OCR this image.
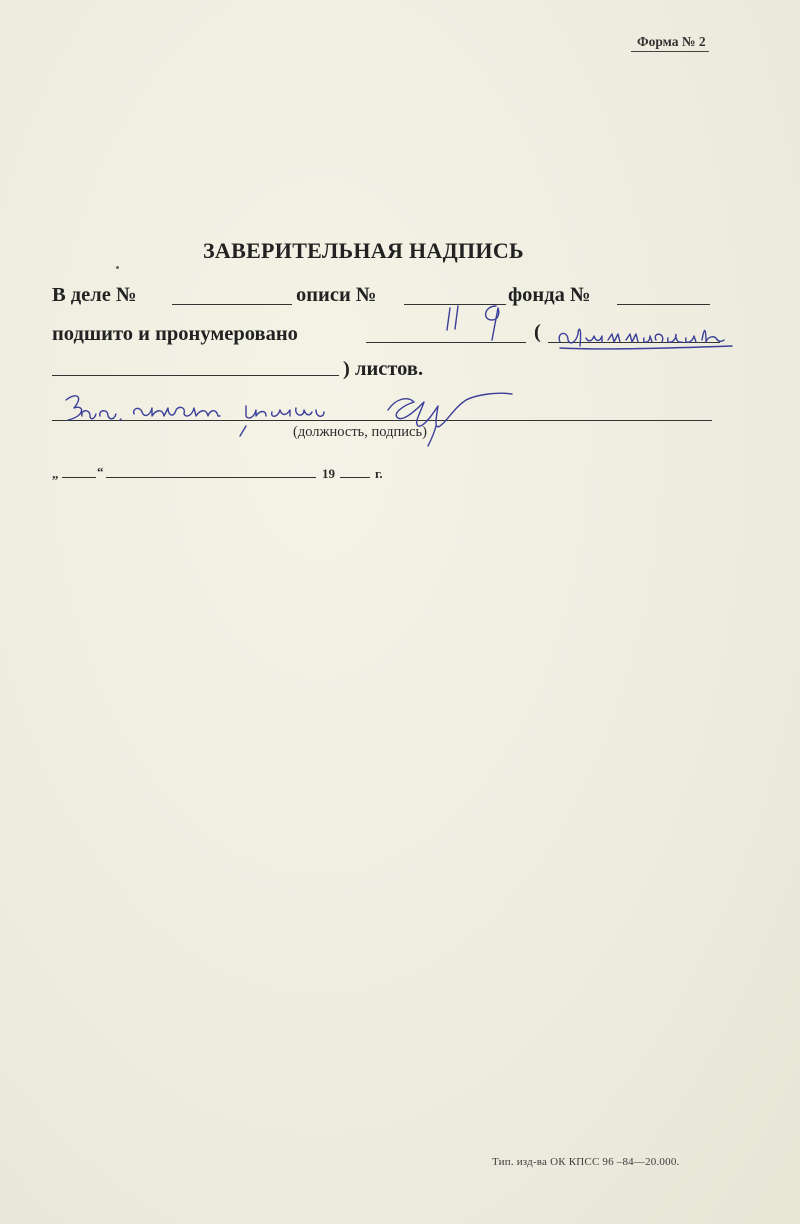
Форма № 2
ЗАВЕРИТЕЛЬНАЯ НАДПИСЬ
В деле №	описи №	фонда №
подшито и пронумеровано	(
) листов.
(должность, подпись)
„	“	19	г.
Тип. изд-ва ОК КПСС 96 –84—20.000.
